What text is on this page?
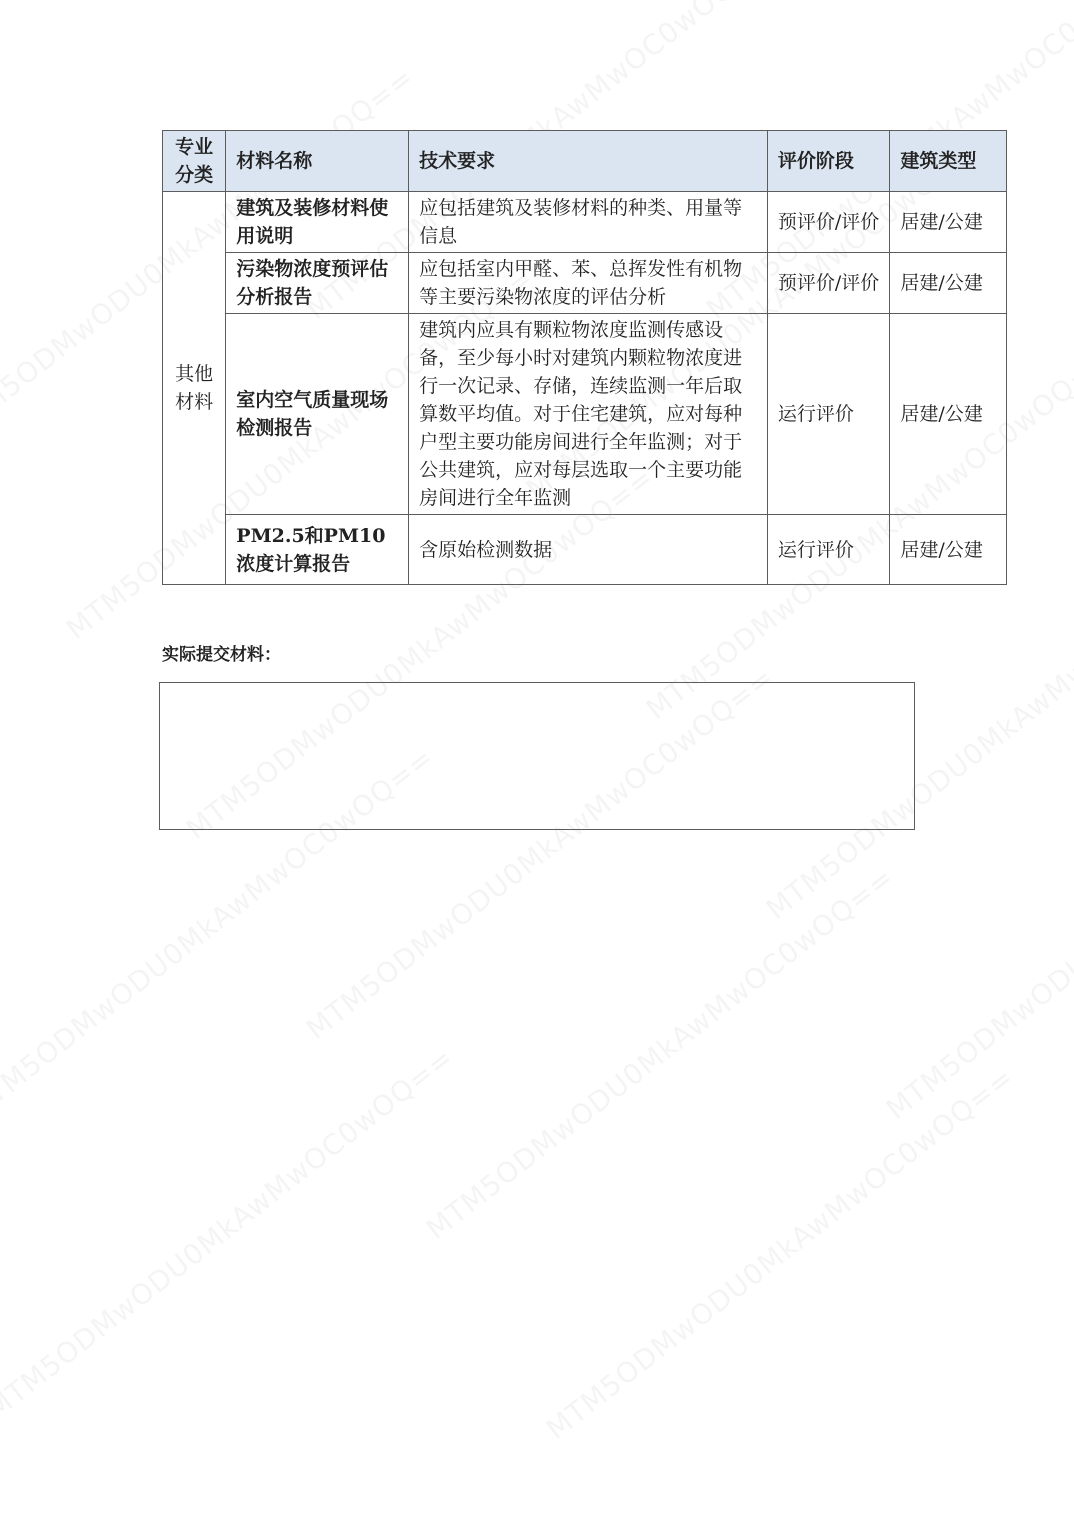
专业分类	材料名称	技术要求	评价阶段	建筑类型
其他材料	建筑及装修材料使用说明	应包括建筑及装修材料的种类、用量等信息	预评价/评价	居建/公建
	污染物浓度预评估分析报告	应包括室内甲醛、苯、总挥发性有机物等主要污染物浓度的评估分析	预评价/评价	居建/公建
	室内空气质量现场检测报告	建筑内应具有颗粒物浓度监测传感设备，至少每小时对建筑内颗粒物浓度进行一次记录、存储，连续监测一年后取算数平均值。对于住宅建筑，应对每种户型主要功能房间进行全年监测；对于公共建筑，应对每层选取一个主要功能房间进行全年监测	运行评价	居建/公建
	PM2.5和PM10浓度计算报告	含原始检测数据	运行评价	居建/公建
实际提交材料：
